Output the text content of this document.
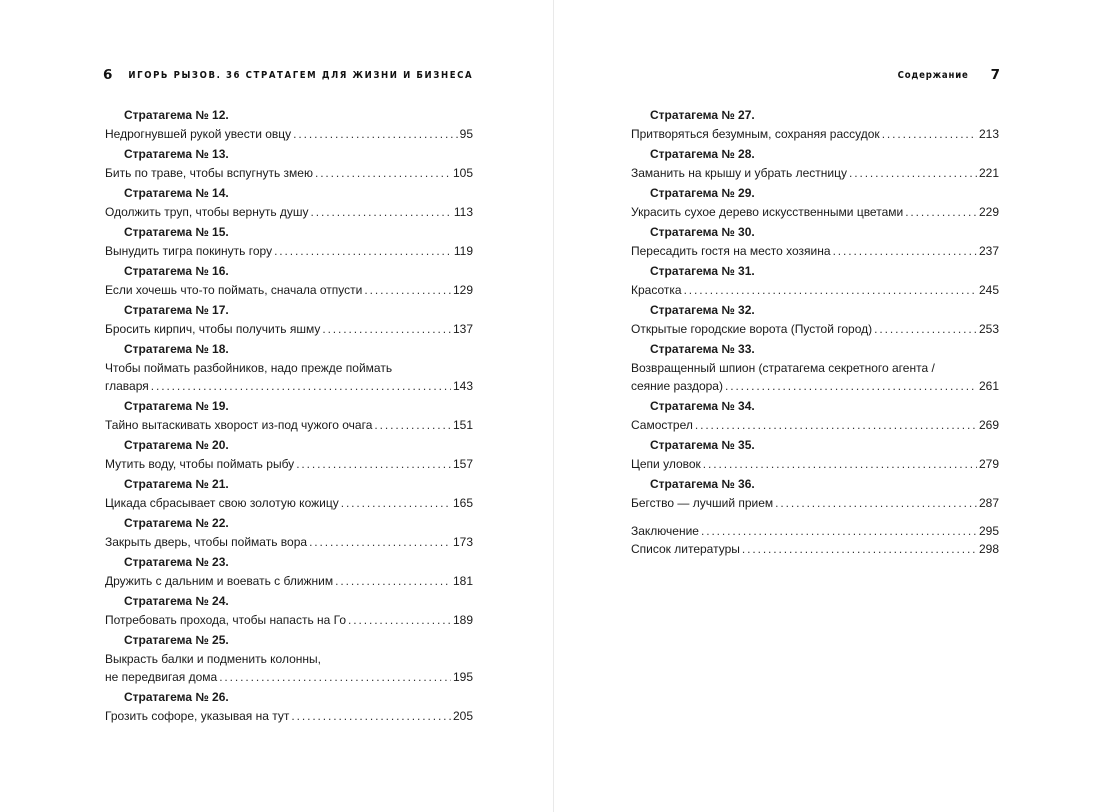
6 ИГОРЬ РЫЗОВ. 36 СТРАТАГЕМ ДЛЯ ЖИЗНИ И БИЗНЕСА
Стратагема № 12.
Недрогнувшей рукой увести овцу .....	95
Стратагема № 13.
Бить по траве, чтобы вспугнуть змею .....	105
Стратагема № 14.
Одолжить труп, чтобы вернуть душу .....	113
Стратагема № 15.
Вынудить тигра покинуть гору .....	119
Стратагема № 16.
Если хочешь что-то поймать, сначала отпусти .....	129
Стратагема № 17.
Бросить кирпич, чтобы получить яшму .....	137
Стратагема № 18.
Чтобы поймать разбойников, надо прежде поймать
главаря .....	143
Стратагема № 19.
Тайно вытаскивать хворост из-под чужого очага .....	151
Стратагема № 20.
Мутить воду, чтобы поймать рыбу .....	157
Стратагема № 21.
Цикада сбрасывает свою золотую кожицу .....	165
Стратагема № 22.
Закрыть дверь, чтобы поймать вора .....	173
Стратагема № 23.
Дружить с дальним и воевать с ближним .....	181
Стратагема № 24.
Потребовать прохода, чтобы напасть на Го .....	189
Стратагема № 25.
Выкрасть балки и подменить колонны,
не передвигая дома .....	195
Стратагема № 26.
Грозить софоре, указывая на тут .....	205
Содержание 7
Стратагема № 27.
Притворяться безумным, сохраняя рассудок .....	213
Стратагема № 28.
Заманить на крышу и убрать лестницу .....	221
Стратагема № 29.
Украсить сухое дерево искусственными цветами .....	229
Стратагема № 30.
Пересадить гостя на место хозяина .....	237
Стратагема № 31.
Красотка .....	245
Стратагема № 32.
Открытые городские ворота (Пустой город) .....	253
Стратагема № 33.
Возвращенный шпион (стратагема секретного агента /
сеяние раздора) .....	261
Стратагема № 34.
Самострел .....	269
Стратагема № 35.
Цепи уловок .....	279
Стратагема № 36.
Бегство — лучший прием .....	287
Заключение .....	295
Список литературы .....	298
